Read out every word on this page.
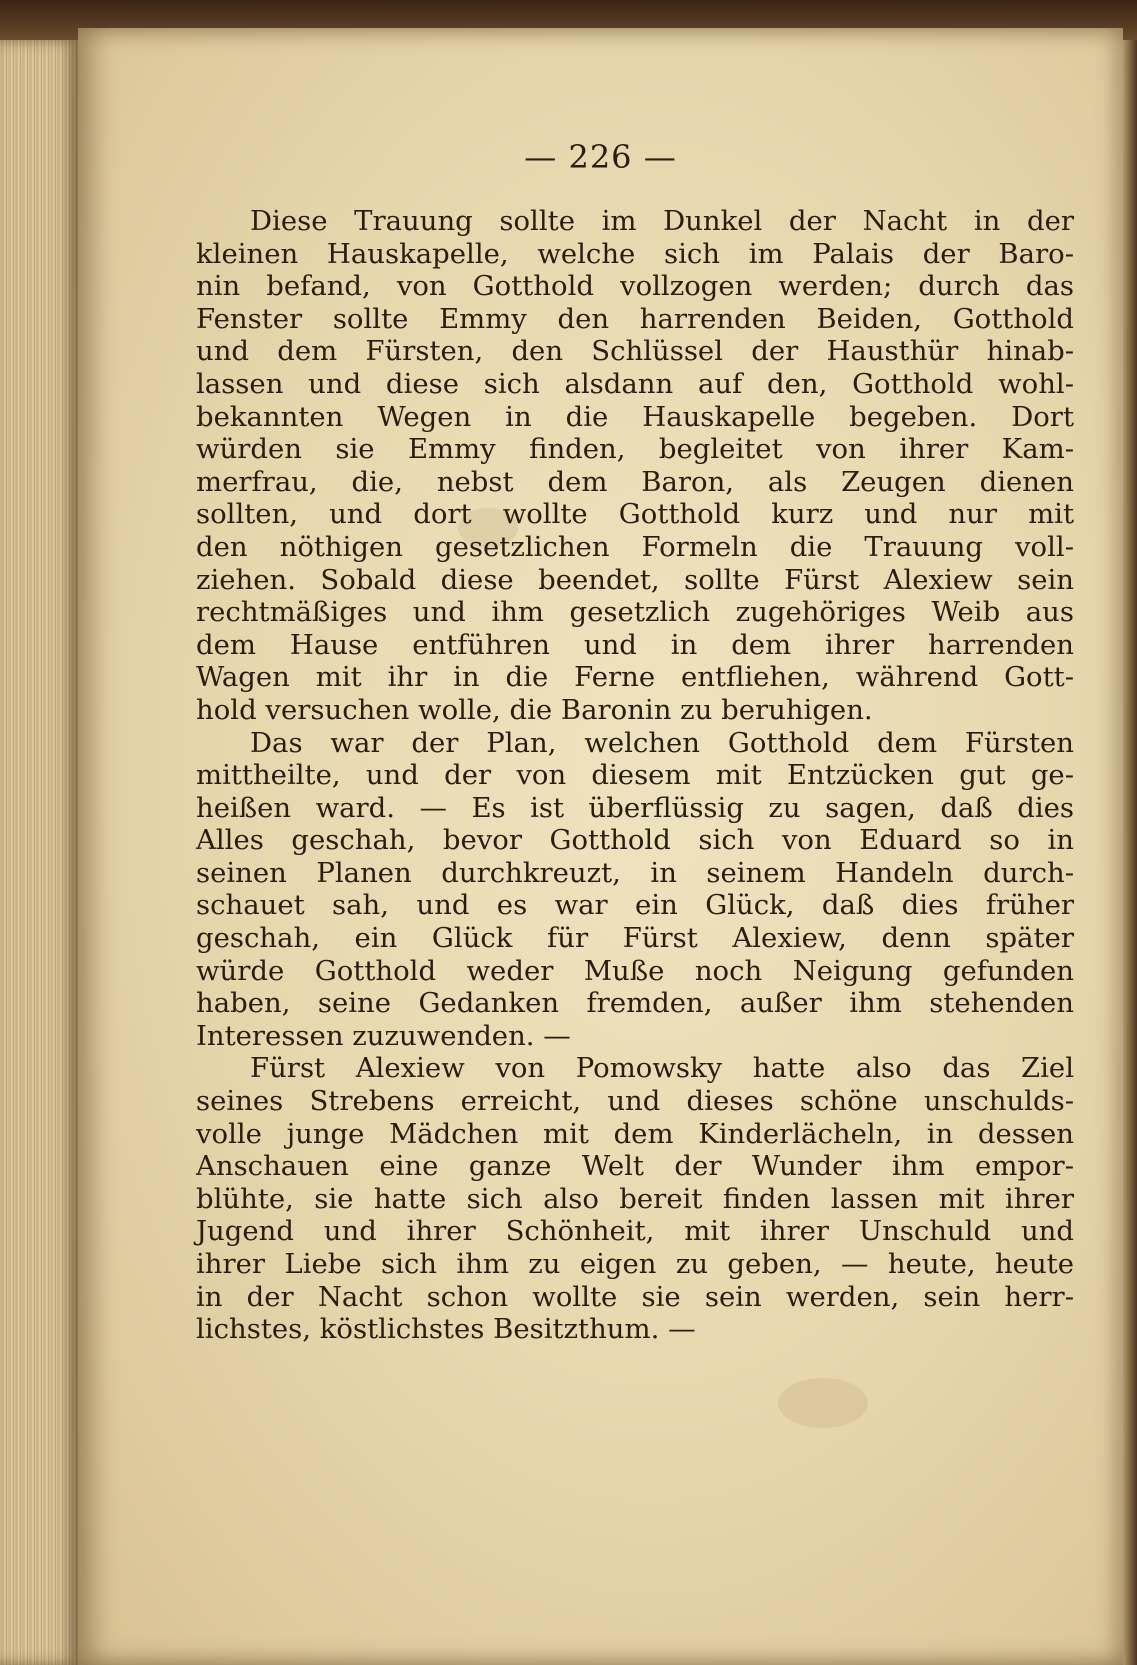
— 226 —
Diese Trauung sollte im Dunkel der Nacht in der
kleinen Hauskapelle, welche sich im Palais der Baro-
nin befand, von Gotthold vollzogen werden; durch das
Fenster sollte Emmy den harrenden Beiden, Gotthold
und dem Fürsten, den Schlüssel der Hausthür hinab-
lassen und diese sich alsdann auf den, Gotthold wohl-
bekannten Wegen in die Hauskapelle begeben. Dort
würden sie Emmy finden, begleitet von ihrer Kam-
merfrau, die, nebst dem Baron, als Zeugen dienen
sollten, und dort wollte Gotthold kurz und nur mit
den nöthigen gesetzlichen Formeln die Trauung voll-
ziehen. Sobald diese beendet, sollte Fürst Alexiew sein
rechtmäßiges und ihm gesetzlich zugehöriges Weib aus
dem Hause entführen und in dem ihrer harrenden
Wagen mit ihr in die Ferne entfliehen, während Gott-
hold versuchen wolle, die Baronin zu beruhigen.
Das war der Plan, welchen Gotthold dem Fürsten
mittheilte, und der von diesem mit Entzücken gut ge-
heißen ward. — Es ist überflüssig zu sagen, daß dies
Alles geschah, bevor Gotthold sich von Eduard so in
seinen Planen durchkreuzt, in seinem Handeln durch-
schauet sah, und es war ein Glück, daß dies früher
geschah, ein Glück für Fürst Alexiew, denn später
würde Gotthold weder Muße noch Neigung gefunden
haben, seine Gedanken fremden, außer ihm stehenden
Interessen zuzuwenden. —
Fürst Alexiew von Pomowsky hatte also das Ziel
seines Strebens erreicht, und dieses schöne unschulds-
volle junge Mädchen mit dem Kinderlächeln, in dessen
Anschauen eine ganze Welt der Wunder ihm empor-
blühte, sie hatte sich also bereit finden lassen mit ihrer
Jugend und ihrer Schönheit, mit ihrer Unschuld und
ihrer Liebe sich ihm zu eigen zu geben, — heute, heute
in der Nacht schon wollte sie sein werden, sein herr-
lichstes, köstlichstes Besitzthum. —
